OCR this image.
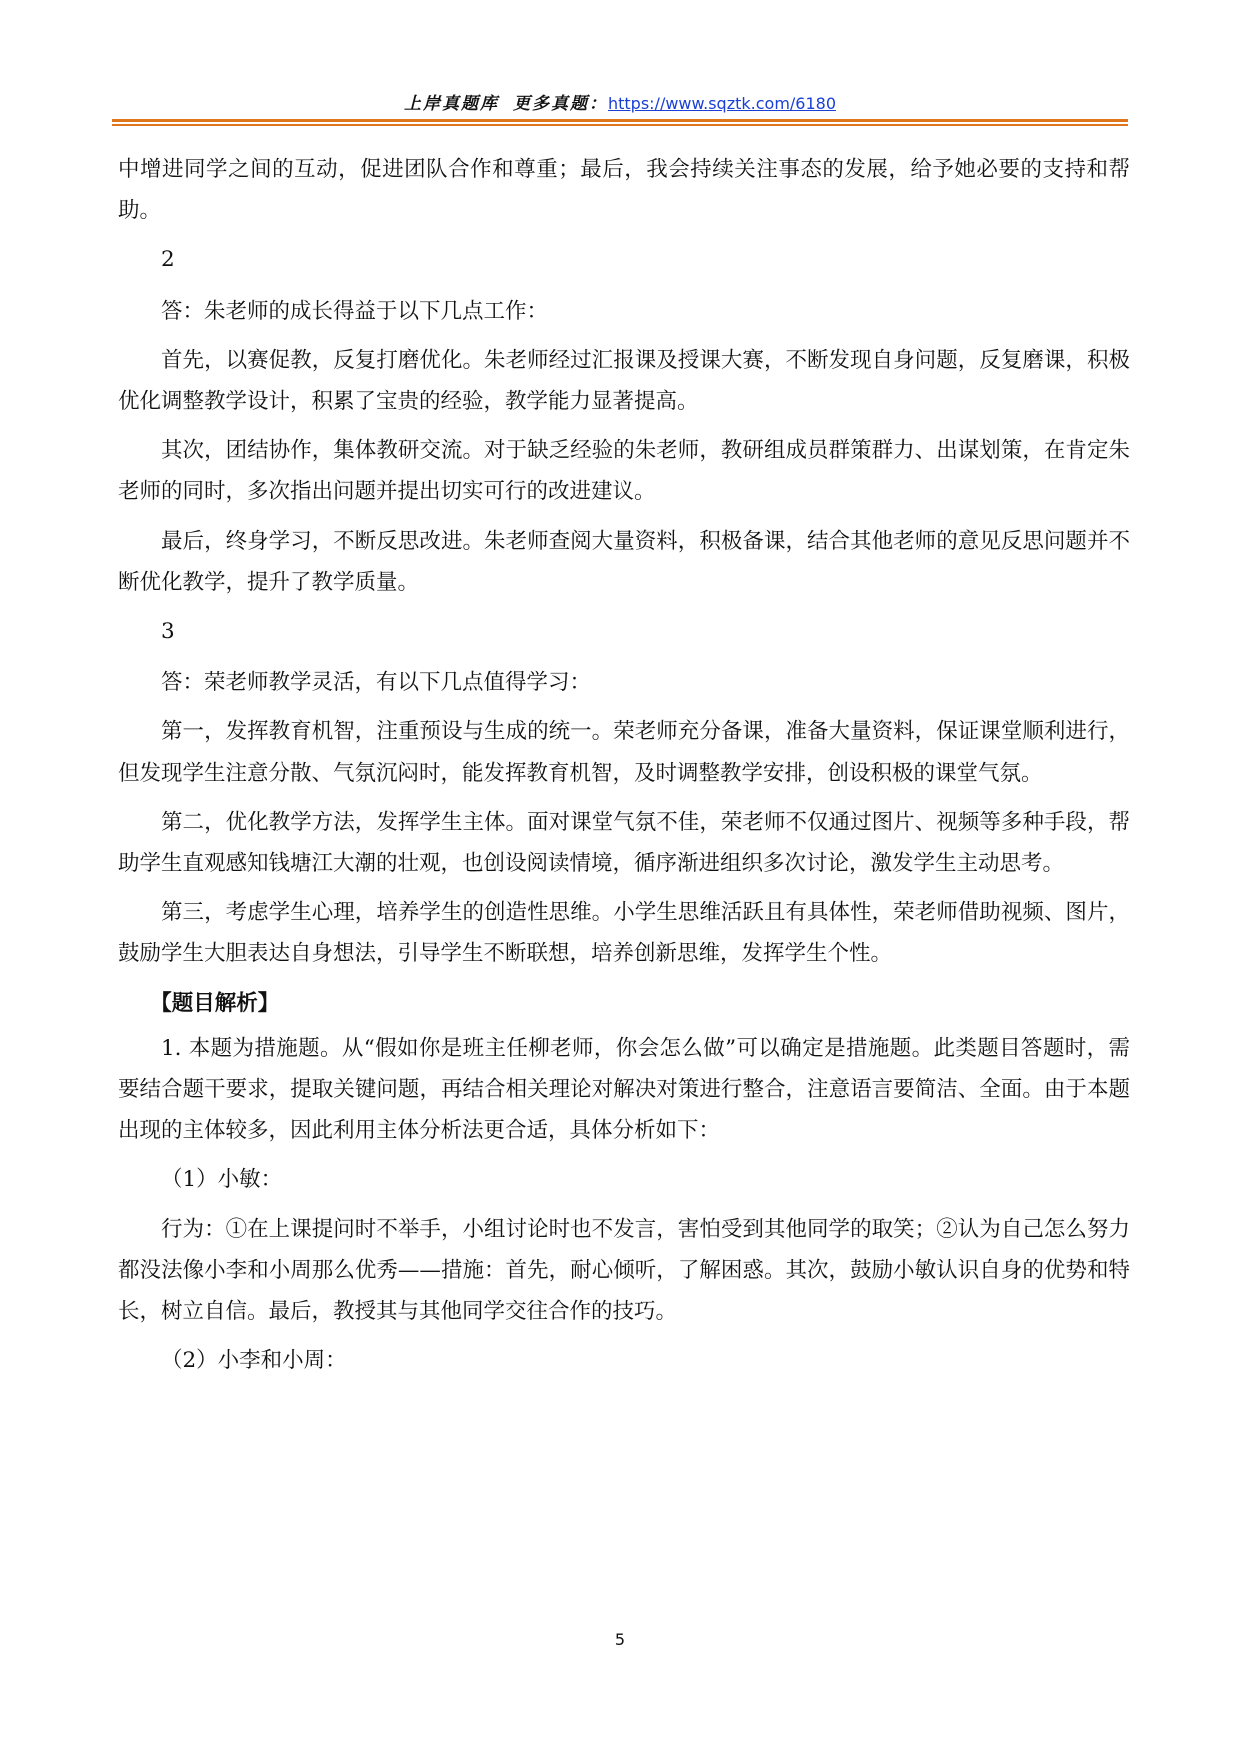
上岸真题库 更多真题：https://www.sqztk.com/6180

中增进同学之间的互动，促进团队合作和尊重；最后，我会持续关注事态的发展，给予她必要的支持和帮助。

2

答：朱老师的成长得益于以下几点工作：

首先，以赛促教，反复打磨优化。朱老师经过汇报课及授课大赛，不断发现自身问题，反复磨课，积极优化调整教学设计，积累了宝贵的经验，教学能力显著提高。

其次，团结协作，集体教研交流。对于缺乏经验的朱老师，教研组成员群策群力、出谋划策，在肯定朱老师的同时，多次指出问题并提出切实可行的改进建议。

最后，终身学习，不断反思改进。朱老师查阅大量资料，积极备课，结合其他老师的意见反思问题并不断优化教学，提升了教学质量。

3

答：荣老师教学灵活，有以下几点值得学习：

第一，发挥教育机智，注重预设与生成的统一。荣老师充分备课，准备大量资料，保证课堂顺利进行，但发现学生注意分散、气氛沉闷时，能发挥教育机智，及时调整教学安排，创设积极的课堂气氛。

第二，优化教学方法，发挥学生主体。面对课堂气氛不佳，荣老师不仅通过图片、视频等多种手段，帮助学生直观感知钱塘江大潮的壮观，也创设阅读情境，循序渐进组织多次讨论，激发学生主动思考。

第三，考虑学生心理，培养学生的创造性思维。小学生思维活跃且有具体性，荣老师借助视频、图片，鼓励学生大胆表达自身想法，引导学生不断联想，培养创新思维，发挥学生个性。

【题目解析】

1. 本题为措施题。从“假如你是班主任柳老师，你会怎么做”可以确定是措施题。此类题目答题时，需要结合题干要求，提取关键问题，再结合相关理论对解决对策进行整合，注意语言要简洁、全面。由于本题出现的主体较多，因此利用主体分析法更合适，具体分析如下：

（1）小敏：

行为：①在上课提问时不举手，小组讨论时也不发言，害怕受到其他同学的取笑；②认为自己怎么努力都没法像小李和小周那么优秀——措施：首先，耐心倾听，了解困惑。其次，鼓励小敏认识自身的优势和特长，树立自信。最后，教授其与其他同学交往合作的技巧。

（2）小李和小周：

5
